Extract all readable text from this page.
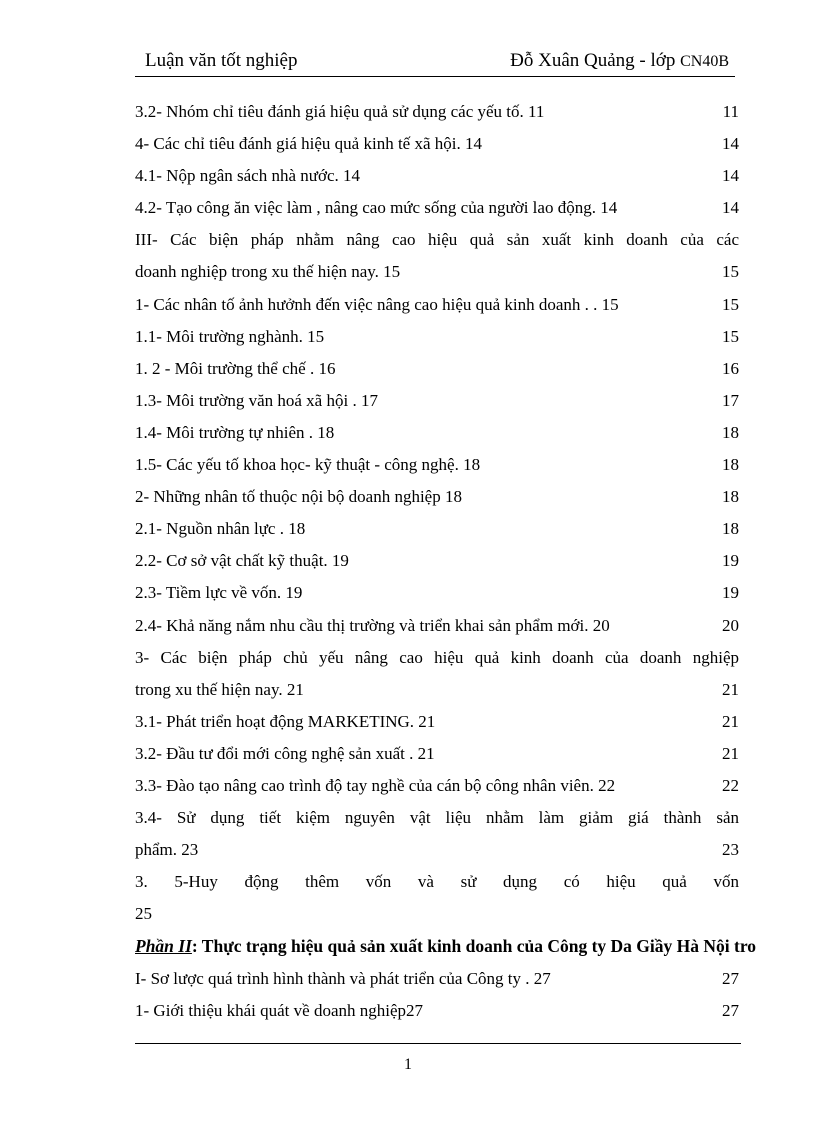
Luận văn tốt nghiệp	Đỗ Xuân Quảng - lớp CN40B
3.2- Nhóm chỉ tiêu đánh giá hiệu quả sử dụng các yếu tố. 11	11
4- Các chỉ tiêu đánh giá hiệu quả kinh tế xã hội. 14	14
4.1- Nộp ngân sách nhà nước. 14	14
4.2- Tạo công ăn việc làm , nâng cao mức sống của người lao động. 14	14
III- Các biện pháp nhằm nâng cao hiệu quả sản xuất kinh doanh của các
doanh nghiệp trong xu thế hiện nay. 15	15
1- Các nhân tố ảnh hưởnh đến việc nâng cao hiệu quả kinh doanh . . 15	15
1.1- Môi trường nghành. 15	15
1. 2 - Môi trường thể chế . 16	16
1.3- Môi trường văn hoá xã hội . 17	17
1.4- Môi trường tự nhiên . 18	18
1.5- Các yếu tố khoa học- kỹ thuật - công nghệ. 18	18
2- Những nhân tố thuộc nội bộ doanh nghiệp 18	18
2.1- Nguồn nhân lực . 18	18
2.2- Cơ sở vật chất kỹ thuật. 19	19
2.3- Tiềm lực về vốn. 19	19
2.4- Khả năng nắm nhu cầu thị trường và triển khai sản phẩm mới. 20	20
3- Các biện pháp chủ yếu nâng cao hiệu quả kinh doanh của doanh nghiệp
trong xu thế hiện nay. 21	21
3.1- Phát triển hoạt động MARKETING. 21	21
3.2- Đầu tư đổi mới công nghệ sản xuất . 21	21
3.3- Đào tạo nâng cao trình độ tay nghề của cán bộ công nhân viên. 22	22
3.4- Sử dụng tiết kiệm nguyên vật liệu nhằm làm giảm giá thành sản
phẩm. 23	23
3. 5-Huy động thêm vốn và sử dụng có hiệu quả vốn
25
Phần II: Thực trạng hiệu quả sản xuất kinh doanh của Công ty Da Giầy Hà Nội tro
I- Sơ lược quá trình hình thành và phát triển của Công ty . 27	27
1- Giới thiệu khái quát về doanh nghiệp27	27
1
